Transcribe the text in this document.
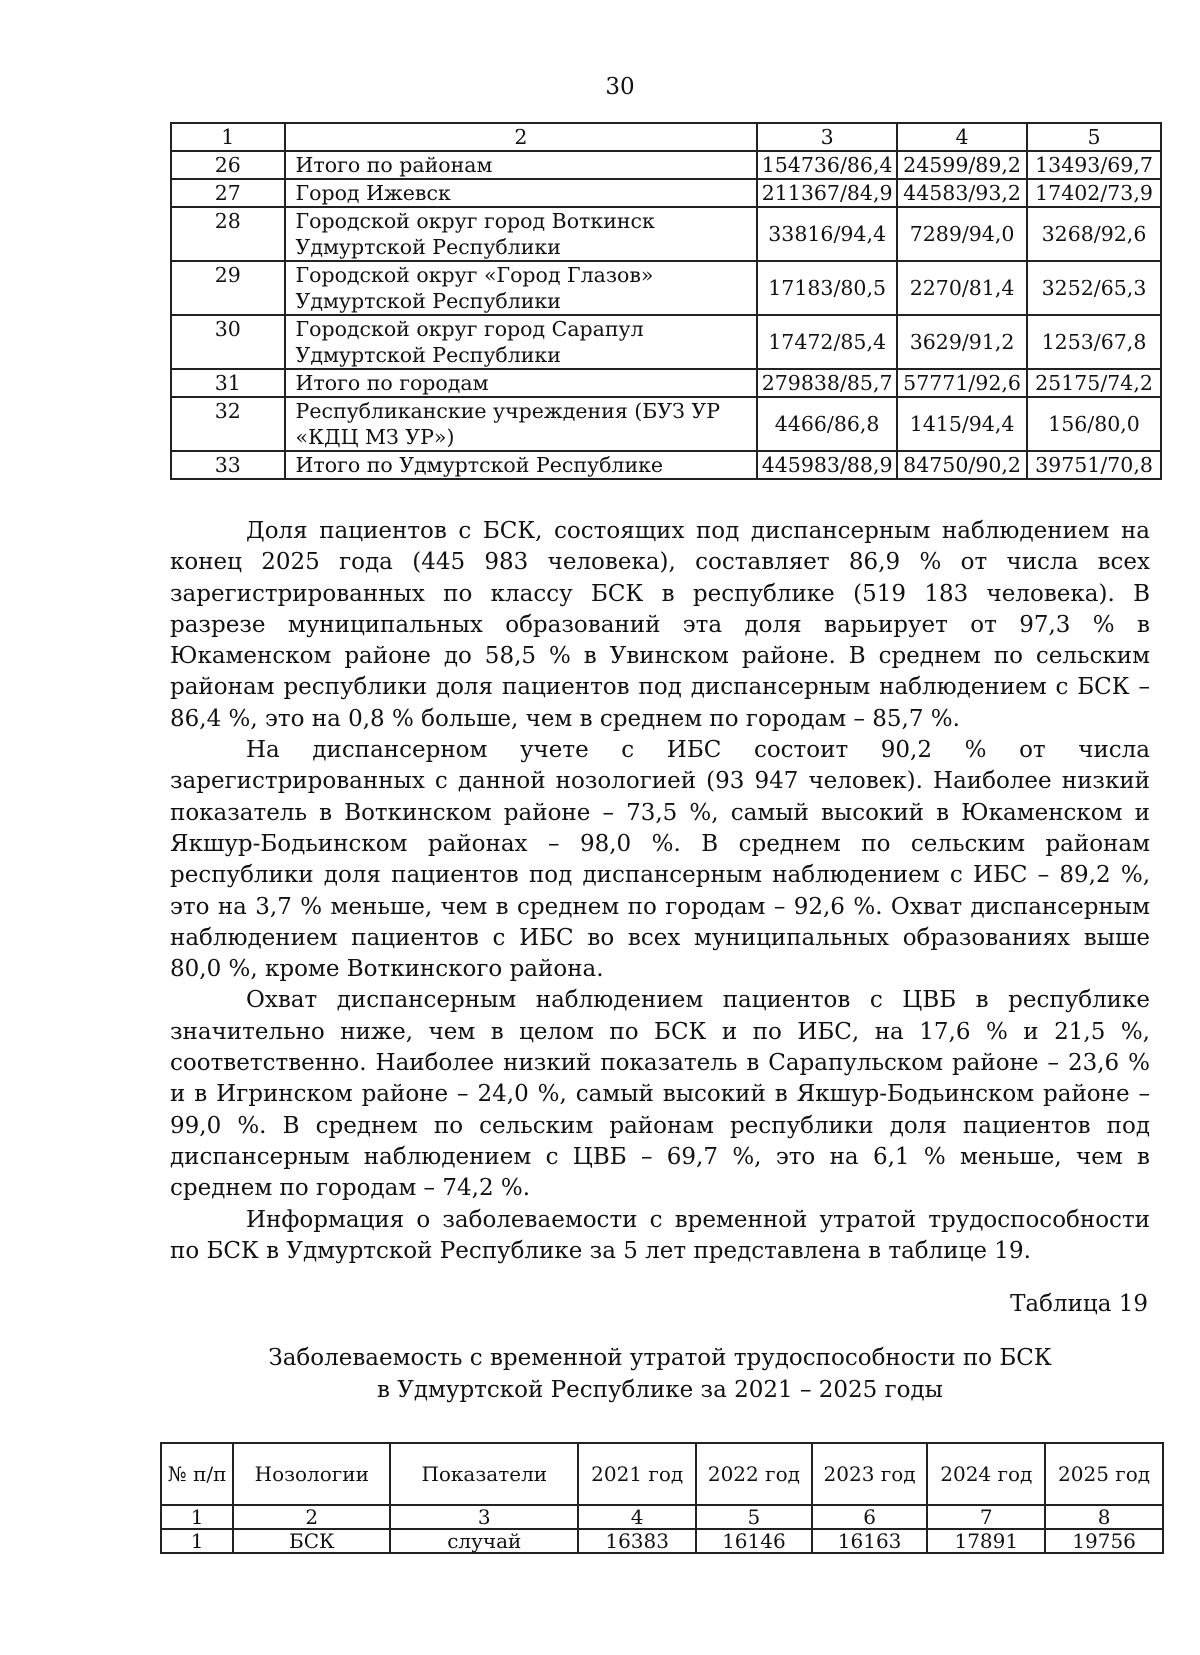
30
1	2	3	4	5
26	Итого по районам	154736/86,4	24599/89,2	13493/69,7
27	Город Ижевск	211367/84,9	44583/93,2	17402/73,9
28	Городской округ город Воткинск Удмуртской Республики	33816/94,4	7289/94,0	3268/92,6
29	Городской округ «Город Глазов» Удмуртской Республики	17183/80,5	2270/81,4	3252/65,3
30	Городской округ город Сарапул Удмуртской Республики	17472/85,4	3629/91,2	1253/67,8
31	Итого по городам	279838/85,7	57771/92,6	25175/74,2
32	Республиканские учреждения (БУЗ УР «КДЦ МЗ УР»)	4466/86,8	1415/94,4	156/80,0
33	Итого по Удмуртской Республике	445983/88,9	84750/90,2	39751/70,8

Доля пациентов с БСК, состоящих под диспансерным наблюдением на конец 2025 года (445 983 человека), составляет 86,9 % от числа всех зарегистрированных по классу БСК в республике (519 183 человека). В разрезе муниципальных образований эта доля варьирует от 97,3 % в Юкаменском районе до 58,5 % в Увинском районе. В среднем по сельским районам республики доля пациентов под диспансерным наблюдением с БСК – 86,4 %, это на 0,8 % больше, чем в среднем по городам – 85,7 %.

На диспансерном учете с ИБС состоит 90,2 % от числа зарегистрированных с данной нозологией (93 947 человек). Наиболее низкий показатель в Воткинском районе – 73,5 %, самый высокий в Юкаменском и Якшур-Бодьинском районах – 98,0 %. В среднем по сельским районам республики доля пациентов под диспансерным наблюдением с ИБС – 89,2 %, это на 3,7 % меньше, чем в среднем по городам – 92,6 %. Охват диспансерным наблюдением пациентов с ИБС во всех муниципальных образованиях выше 80,0 %, кроме Воткинского района.

Охват диспансерным наблюдением пациентов с ЦВБ в республике значительно ниже, чем в целом по БСК и по ИБС, на 17,6 % и 21,5 %, соответственно. Наиболее низкий показатель в Сарапульском районе – 23,6 % и в Игринском районе – 24,0 %, самый высокий в Якшур-Бодьинском районе – 99,0 %. В среднем по сельским районам республики доля пациентов под диспансерным наблюдением с ЦВБ – 69,7 %, это на 6,1 % меньше, чем в среднем по городам – 74,2 %.

Информация о заболеваемости с временной утратой трудоспособности по БСК в Удмуртской Республике за 5 лет представлена в таблице 19.

Таблица 19
Заболеваемость с временной утратой трудоспособности по БСК
в Удмуртской Республике за 2021 – 2025 годы
№ п/п	Нозологии	Показатели	2021 год	2022 год	2023 год	2024 год	2025 год
1	2	3	4	5	6	7	8
1	БСК	случай	16383	16146	16163	17891	19756
